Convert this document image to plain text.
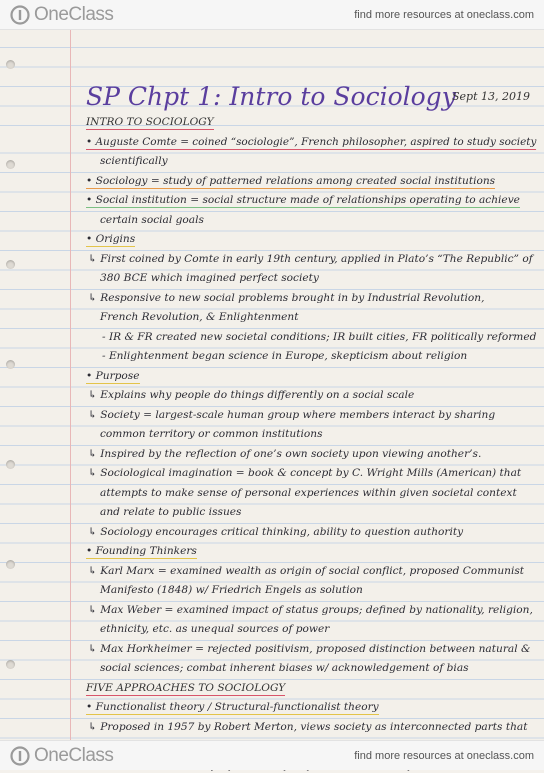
OneClass	find more resources at oneclass.com
SP Chpt 1: Intro to Sociology
Sept 13, 2019

INTRO TO SOCIOLOGY

• Auguste Comte = coined “sociologie”, French philosopher, aspired to study society

scientifically

• Sociology = study of patterned relations among created social institutions

• Social institution = social structure made of relationships operating to achieve

certain social goals

• Origins

↳ First coined by Comte in early 19th century, applied in Plato’s “The Republic” of

380 BCE which imagined perfect society

↳ Responsive to new social problems brought in by Industrial Revolution,

French Revolution, & Enlightenment

- IR & FR created new societal conditions; IR built cities, FR politically reformed

- Enlightenment began science in Europe, skepticism about religion

• Purpose

↳ Explains why people do things differently on a social scale

↳ Society = largest-scale human group where members interact by sharing

common territory or common institutions

↳ Inspired by the reflection of one’s own society upon viewing another’s.

↳ Sociological imagination = book & concept by C. Wright Mills (American) that

attempts to make sense of personal experiences within given societal context

and relate to public issues

↳ Sociology encourages critical thinking, ability to question authority

• Founding Thinkers

↳ Karl Marx = examined wealth as origin of social conflict, proposed Communist

Manifesto (1848) w/ Friedrich Engels as solution

↳ Max Weber = examined impact of status groups; defined by nationality, religion,

ethnicity, etc. as unequal sources of power

↳ Max Horkheimer = rejected positivism, proposed distinction between natural &

social sciences; combat inherent biases w/ acknowledgement of bias

FIVE APPROACHES TO SOCIOLOGY

• Functionalist theory / Structural-functionalist theory

↳ Proposed in 1957 by Robert Merton, views society as interconnected parts that

OneClass	find more resources at oneclass.com
